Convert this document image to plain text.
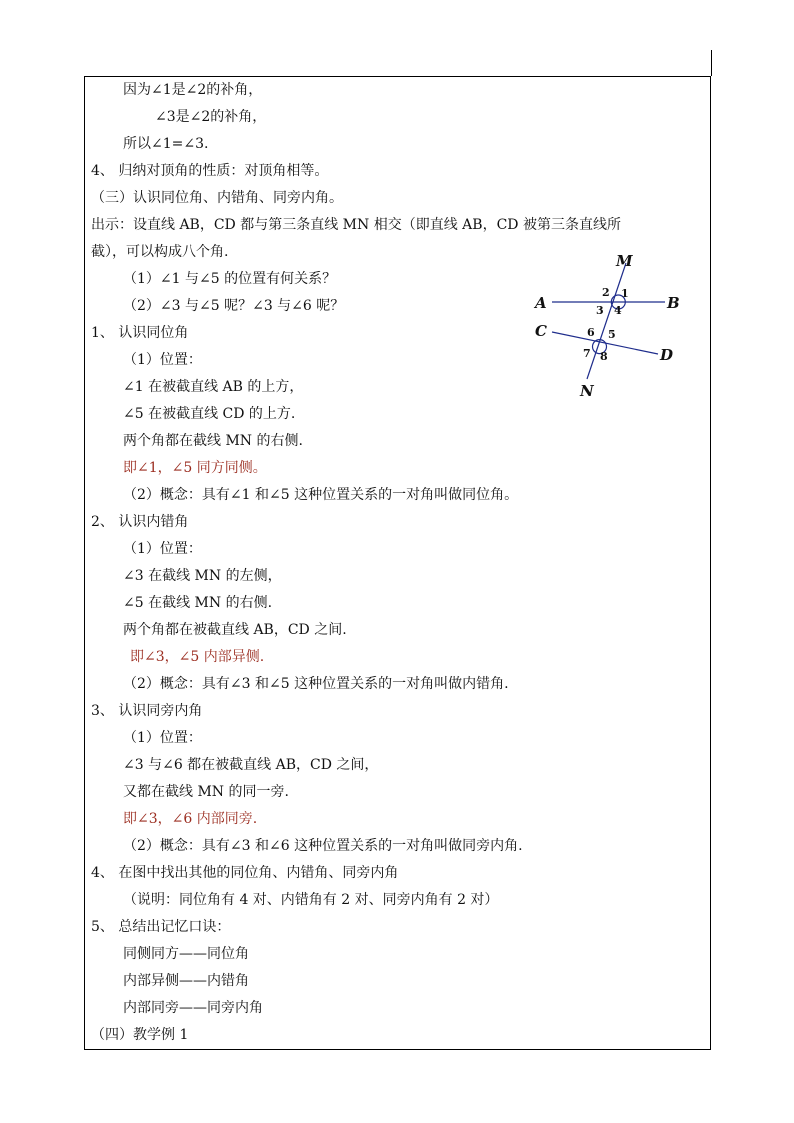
因为∠1是∠2的补角，
∠3是∠2的补角，
所以∠1=∠3.
4、 归纳对顶角的性质：对顶角相等。
（三）认识同位角、内错角、同旁内角。
出示：设直线 AB，CD 都与第三条直线 MN 相交（即直线 AB，CD 被第三条直线所
截），可以构成八个角.
（1）∠1 与∠5 的位置有何关系？
（2）∠3 与∠5 呢？∠3 与∠6 呢？
1、 认识同位角
（1）位置：
∠1 在被截直线 AB 的上方，
∠5 在被截直线 CD 的上方.
两个角都在截线 MN 的右侧.
即∠1，∠5 同方同侧。
（2）概念：具有∠1 和∠5 这种位置关系的一对角叫做同位角。
2、 认识内错角
（1）位置：
∠3 在截线 MN 的左侧，
∠5 在截线 MN 的右侧.
两个角都在被截直线 AB，CD 之间.
即∠3，∠5 内部异侧.
（2）概念：具有∠3 和∠5 这种位置关系的一对角叫做内错角.
3、 认识同旁内角
（1）位置：
∠3 与∠6 都在被截直线 AB，CD 之间，
又都在截线 MN 的同一旁.
即∠3，∠6 内部同旁.
（2）概念：具有∠3 和∠6 这种位置关系的一对角叫做同旁内角.
4、 在图中找出其他的同位角、内错角、同旁内角
（说明：同位角有 4 对、内错角有 2 对、同旁内角有 2 对）
5、 总结出记忆口诀：
同侧同方——同位角
内部异侧——内错角
内部同旁——同旁内角
（四）教学例 1
M
N
A	B
C
D
1
2
3 4
5
6
7 8
